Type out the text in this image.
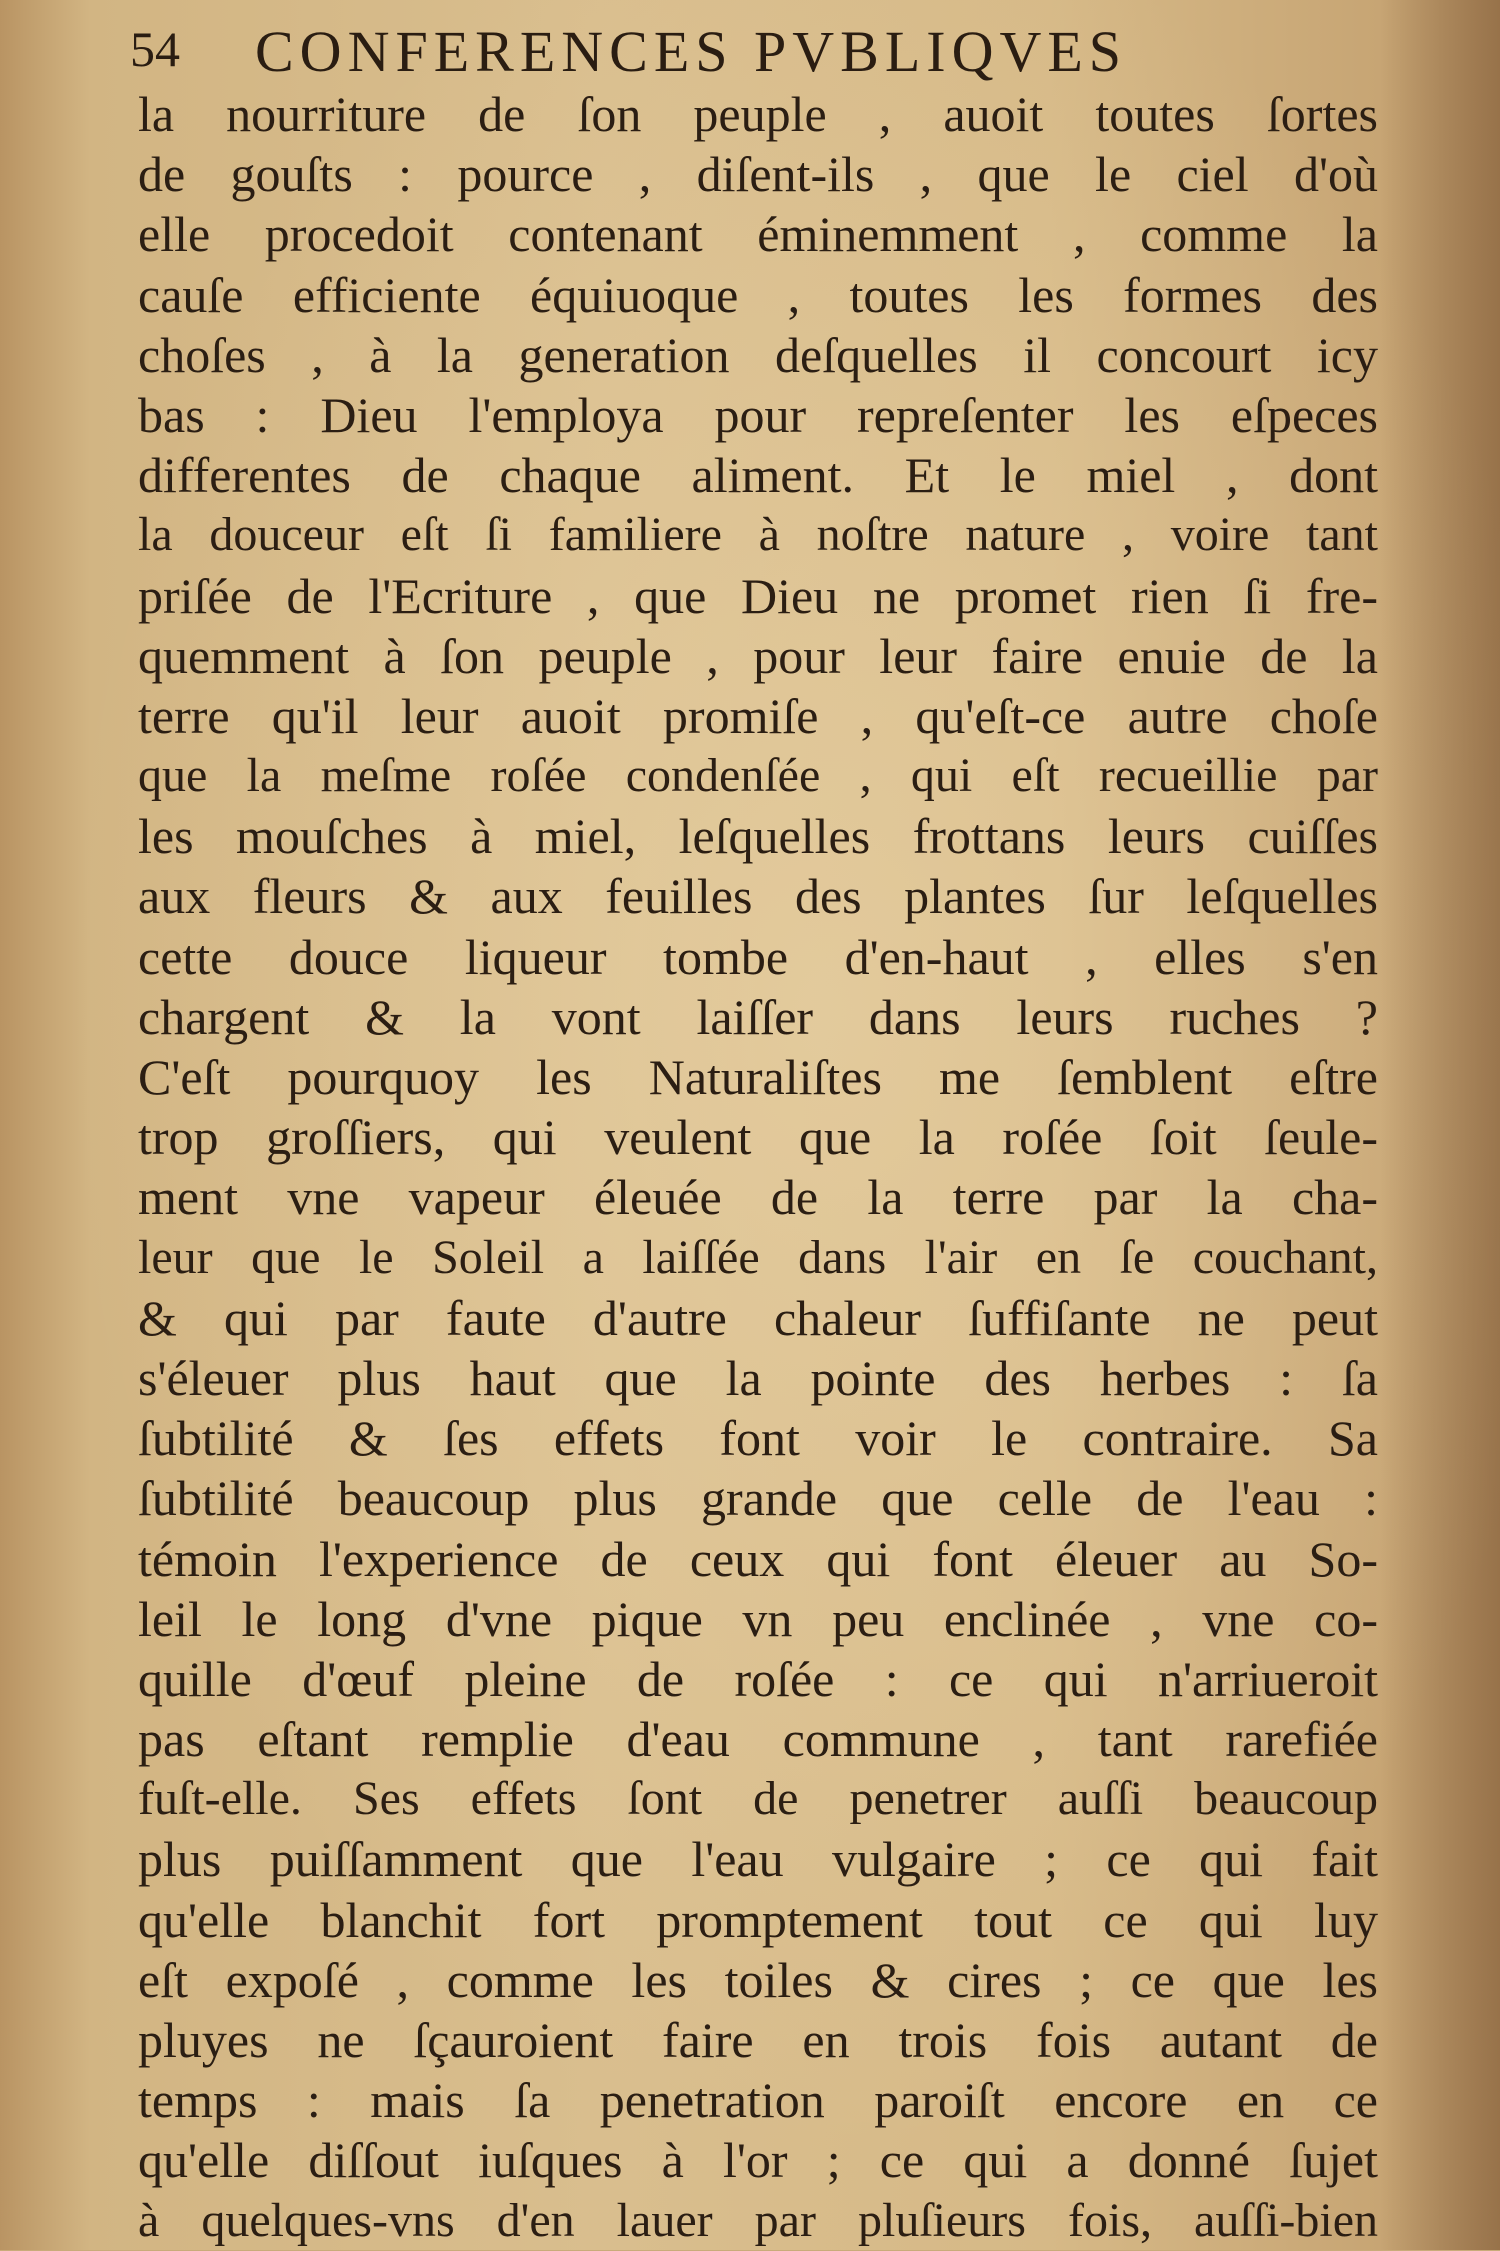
54 CONFERENCES PVBLIQVES
la nourriture de ſon peuple , auoit toutes ſortes
de gouſts : pource , diſent-ils , que le ciel d'où
elle procedoit contenant éminemment , comme la
cauſe efficiente équiuoque , toutes les formes des
choſes , à la generation deſquelles il concourt icy
bas : Dieu l'employa pour repreſenter les eſpeces
differentes de chaque aliment. Et le miel , dont
la douceur eſt ſi familiere à noſtre nature , voire tant
priſée de l'Ecriture , que Dieu ne promet rien ſi fre-
quemment à ſon peuple , pour leur faire enuie de la
terre qu'il leur auoit promiſe , qu'eſt-ce autre choſe
que la meſme roſée condenſée , qui eſt recueillie par
les mouſches à miel, leſquelles frottans leurs cuiſſes
aux fleurs & aux feuilles des plantes ſur leſquelles
cette douce liqueur tombe d'en-haut , elles s'en
chargent & la vont laiſſer dans leurs ruches ?
C'eſt pourquoy les Naturaliſtes me ſemblent eſtre
trop groſſiers, qui veulent que la roſée ſoit ſeule-
ment vne vapeur éleuée de la terre par la cha-
leur que le Soleil a laiſſée dans l'air en ſe couchant,
& qui par faute d'autre chaleur ſuffiſante ne peut
s'éleuer plus haut que la pointe des herbes : ſa
ſubtilité & ſes effets font voir le contraire. Sa
ſubtilité beaucoup plus grande que celle de l'eau :
témoin l'experience de ceux qui font éleuer au So-
leil le long d'vne pique vn peu enclinée , vne co-
quille d'œuf pleine de roſée : ce qui n'arriueroit
pas eſtant remplie d'eau commune , tant rarefiée
fuſt-elle. Ses effets ſont de penetrer auſſi beaucoup
plus puiſſamment que l'eau vulgaire ; ce qui fait
qu'elle blanchit fort promptement tout ce qui luy
eſt expoſé , comme les toiles & cires ; ce que les
pluyes ne ſçauroient faire en trois fois autant de
temps : mais ſa penetration paroiſt encore en ce
qu'elle diſſout iuſques à l'or ; ce qui a donné ſujet
à quelques-vns d'en lauer par pluſieurs fois, auſſi-bien
